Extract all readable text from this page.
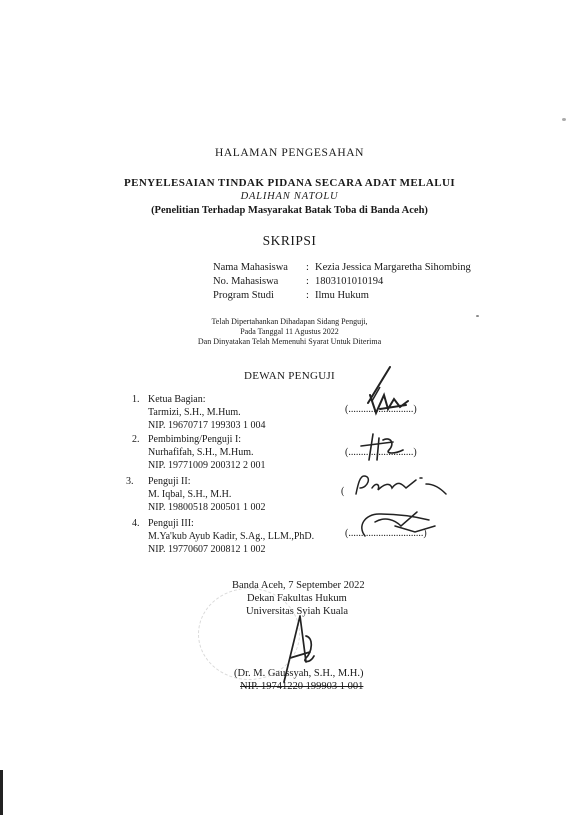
HALAMAN PENGESAHAN
PENYELESAIAN TINDAK PIDANA SECARA ADAT MELALUI
DALIHAN NATOLU
(Penelitian Terhadap Masyarakat Batak Toba di Banda Aceh)
SKRIPSI
Nama Mahasiswa : Kezia Jessica Margaretha Sihombing
No. Mahasiswa	: 1803101010194
Program Studi	: Ilmu Hukum
Telah Dipertahankan Dihadapan Sidang Penguji,
Pada Tanggal 11 Agustus 2022
Dan Dinyatakan Telah Memenuhi Syarat Untuk Diterima
DEWAN PENGUJI
1. Ketua Bagian:
Tarmizi, S.H., M.Hum.
NIP. 19670717 199303 1 004
(..........................)
2. Pembimbing/Penguji I:
Nurhafifah, S.H., M.Hum.
NIP. 19771009 200312 2 001
(..........................)
3. Penguji II:
M. Iqbal, S.H., M.H.
NIP. 19800518 200501 1 002
(
4. Penguji III:
M.Ya'kub Ayub Kadir, S.Ag., LLM.,PhD.
NIP. 19770607 200812 1 002
(..............................)
Banda Aceh, 7 September 2022
Dekan Fakultas Hukum
Universitas Syiah Kuala
(Dr. M. Gaussyah, S.H., M.H.)
NIP. 19741220 199903 1 001
